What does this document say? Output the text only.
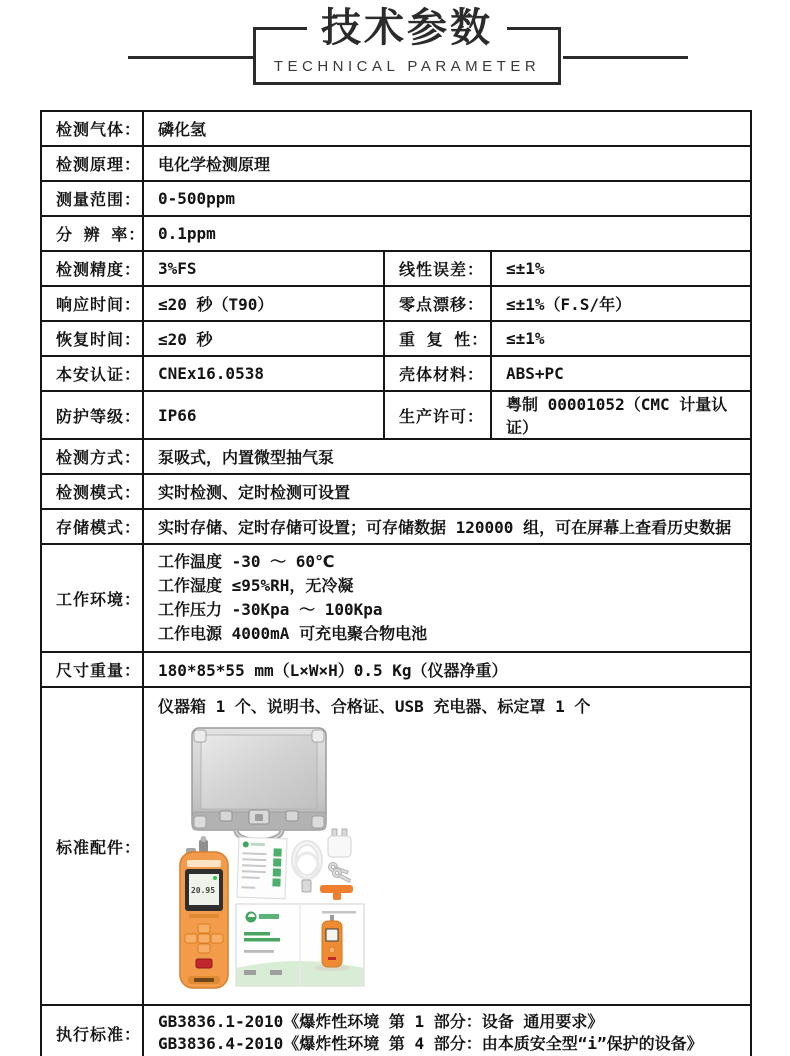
技术参数
TECHNICAL PARAMETER
检测气体：	磷化氢		
检测原理：	电化学检测原理		
测量范围：	0-500ppm		
分 辨 率：	0.1ppm		
检测精度：	3%FS	线性误差：	≤±1%
响应时间：	≤20 秒（T90）	零点漂移：	≤±1%（F.S/年）
恢复时间：	≤20 秒	重 复 性：	≤±1%
本安认证：	CNEx16.0538	壳体材料：	ABS+PC
防护等级：	IP66	生产许可：	粤制 00001052（CMC 计量认证）
检测方式：	泵吸式，内置微型抽气泵		
检测模式：	实时检测、定时检测可设置		
存储模式：	实时存储、定时存储可设置；可存储数据 120000 组，可在屏幕上查看历史数据		
工作环境：	工作温度 -30 ～ 60℃
工作湿度 ≤95%RH，无冷凝
工作压力 -30Kpa ～ 100Kpa
工作电源 4000mA 可充电聚合物电池		

尺寸重量：	180*85*55 mm（L×W×H）0.5 Kg（仪器净重）		
标准配件：	仪器箱 1 个、说明书、合格证、USB 充电器、标定罩 1 个
20.95		

执行标准：	GB3836.1-2010《爆炸性环境 第 1 部分：设备 通用要求》
GB3836.4-2010《爆炸性环境 第 4 部分：由本质安全型“i”保护的设备》		
